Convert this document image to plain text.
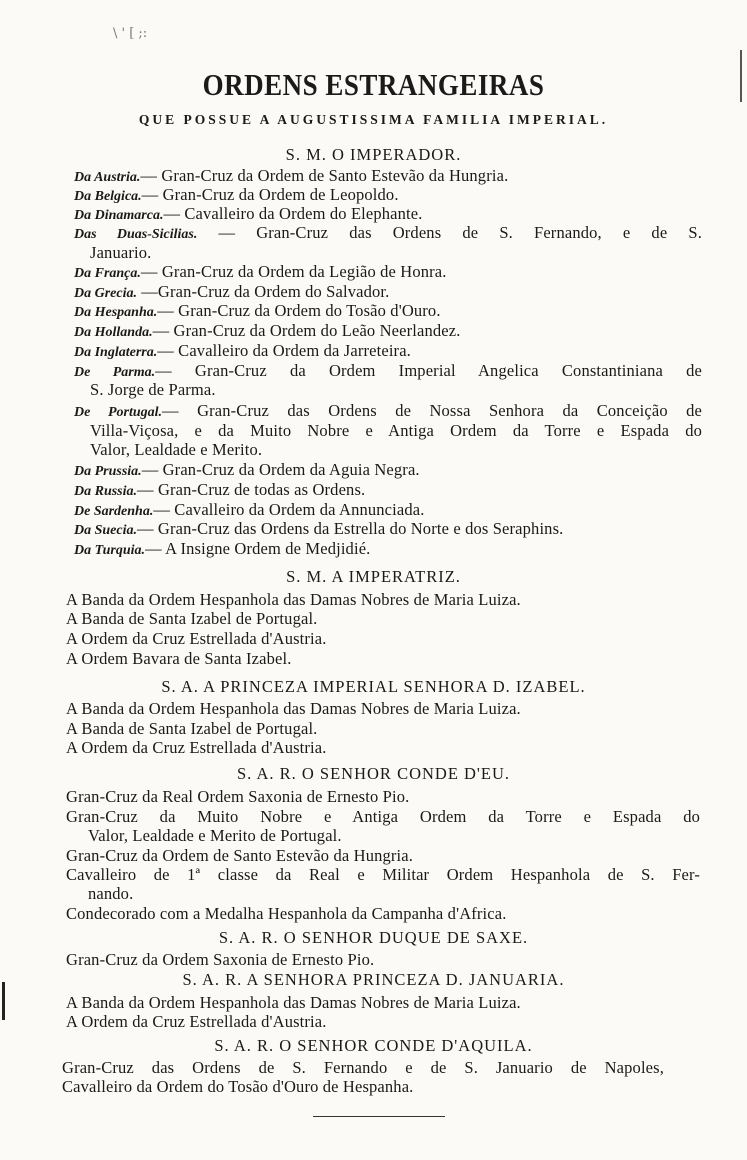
\ ' [ ;:
ORDENS ESTRANGEIRAS
QUE POSSUE A AUGUSTISSIMA FAMILIA IMPERIAL.
S. M. O IMPERADOR.
Da Austria.— Gran-Cruz da Ordem de Santo Estevão da Hungria.
Da Belgica.— Gran-Cruz da Ordem de Leopoldo.
Da Dinamarca.— Cavalleiro da Ordem do Elephante.
Das Duas-Sicilias. — Gran-Cruz das Ordens de S. Fernando, e de S.
Januario.
Da França.— Gran-Cruz da Ordem da Legião de Honra.
Da Grecia. —Gran-Cruz da Ordem do Salvador.
Da Hespanha.— Gran-Cruz da Ordem do Tosão d'Ouro.
Da Hollanda.— Gran-Cruz da Ordem do Leão Neerlandez.
Da Inglaterra.— Cavalleiro da Ordem da Jarreteira.
De Parma.— Gran-Cruz da Ordem Imperial Angelica Constantiniana de
S. Jorge de Parma.
De Portugal.— Gran-Cruz das Ordens de Nossa Senhora da Conceição de
Villa-Viçosa, e da Muito Nobre e Antiga Ordem da Torre e Espada do
Valor, Lealdade e Merito.
Da Prussia.— Gran-Cruz da Ordem da Aguia Negra.
Da Russia.— Gran-Cruz de todas as Ordens.
De Sardenha.— Cavalleiro da Ordem da Annunciada.
Da Suecia.— Gran-Cruz das Ordens da Estrella do Norte e dos Seraphins.
Da Turquia.— A Insigne Ordem de Medjidié.
S. M. A IMPERATRIZ.
A Banda da Ordem Hespanhola das Damas Nobres de Maria Luiza.
A Banda de Santa Izabel de Portugal.
A Ordem da Cruz Estrellada d'Austria.
A Ordem Bavara de Santa Izabel.
S. A. A PRINCEZA IMPERIAL SENHORA D. IZABEL.
A Banda da Ordem Hespanhola das Damas Nobres de Maria Luiza.
A Banda de Santa Izabel de Portugal.
A Ordem da Cruz Estrellada d'Austria.
S. A. R. O SENHOR CONDE D'EU.
Gran-Cruz da Real Ordem Saxonia de Ernesto Pio.
Gran-Cruz da Muito Nobre e Antiga Ordem da Torre e Espada do
Valor, Lealdade e Merito de Portugal.
Gran-Cruz da Ordem de Santo Estevão da Hungria.
Cavalleiro de 1ª classe da Real e Militar Ordem Hespanhola de S. Fer-
nando.
Condecorado com a Medalha Hespanhola da Campanha d'Africa.
S. A. R. O SENHOR DUQUE DE SAXE.
Gran-Cruz da Ordem Saxonia de Ernesto Pio.
S. A. R. A SENHORA PRINCEZA D. JANUARIA.
A Banda da Ordem Hespanhola das Damas Nobres de Maria Luiza.
A Ordem da Cruz Estrellada d'Austria.
S. A. R. O SENHOR CONDE D'AQUILA.
Gran-Cruz das Ordens de S. Fernando e de S. Januario de Napoles,
Cavalleiro da Ordem do Tosão d'Ouro de Hespanha.
